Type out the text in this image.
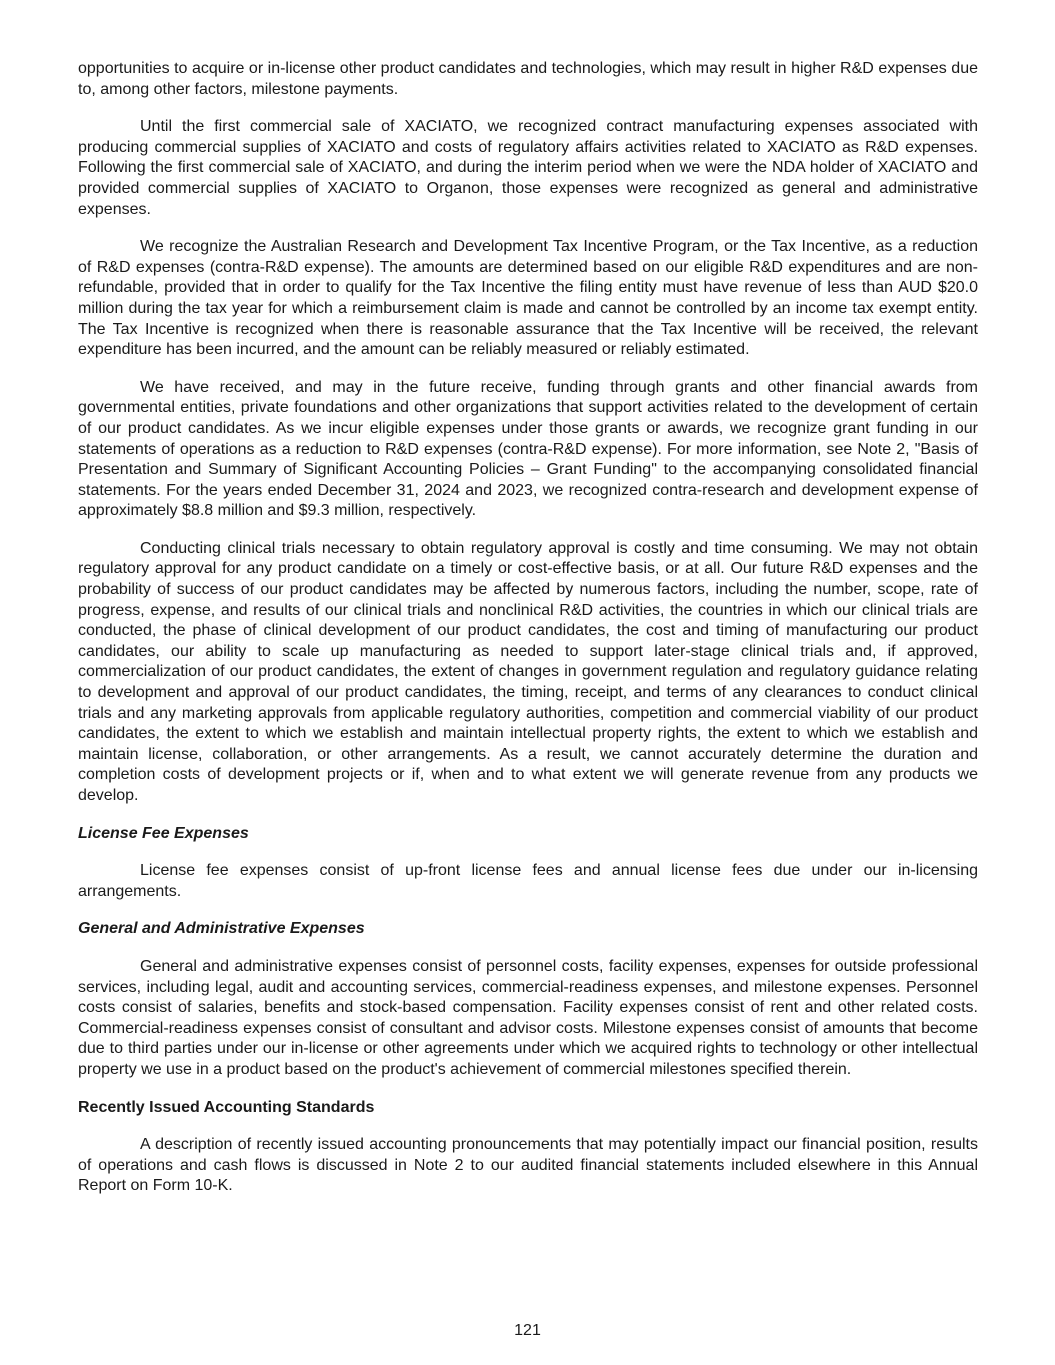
opportunities to acquire or in-license other product candidates and technologies, which may result in higher R&D expenses due to, among other factors, milestone payments.

Until the first commercial sale of XACIATO, we recognized contract manufacturing expenses associated with producing commercial supplies of XACIATO and costs of regulatory affairs activities related to XACIATO as R&D expenses. Following the first commercial sale of XACIATO, and during the interim period when we were the NDA holder of XACIATO and provided commercial supplies of XACIATO to Organon, those expenses were recognized as general and administrative expenses.

We recognize the Australian Research and Development Tax Incentive Program, or the Tax Incentive, as a reduction of R&D expenses (contra-R&D expense). The amounts are determined based on our eligible R&D expenditures and are non-refundable, provided that in order to qualify for the Tax Incentive the filing entity must have revenue of less than AUD $20.0 million during the tax year for which a reimbursement claim is made and cannot be controlled by an income tax exempt entity. The Tax Incentive is recognized when there is reasonable assurance that the Tax Incentive will be received, the relevant expenditure has been incurred, and the amount can be reliably measured or reliably estimated.

We have received, and may in the future receive, funding through grants and other financial awards from governmental entities, private foundations and other organizations that support activities related to the development of certain of our product candidates. As we incur eligible expenses under those grants or awards, we recognize grant funding in our statements of operations as a reduction to R&D expenses (contra-R&D expense). For more information, see Note 2, "Basis of Presentation and Summary of Significant Accounting Policies – Grant Funding" to the accompanying consolidated financial statements. For the years ended December 31, 2024 and 2023, we recognized contra-research and development expense of approximately $8.8 million and $9.3 million, respectively.

Conducting clinical trials necessary to obtain regulatory approval is costly and time consuming. We may not obtain regulatory approval for any product candidate on a timely or cost-effective basis, or at all. Our future R&D expenses and the probability of success of our product candidates may be affected by numerous factors, including the number, scope, rate of progress, expense, and results of our clinical trials and nonclinical R&D activities, the countries in which our clinical trials are conducted, the phase of clinical development of our product candidates, the cost and timing of manufacturing our product candidates, our ability to scale up manufacturing as needed to support later-stage clinical trials and, if approved, commercialization of our product candidates, the extent of changes in government regulation and regulatory guidance relating to development and approval of our product candidates, the timing, receipt, and terms of any clearances to conduct clinical trials and any marketing approvals from applicable regulatory authorities, competition and commercial viability of our product candidates, the extent to which we establish and maintain intellectual property rights, the extent to which we establish and maintain license, collaboration, or other arrangements. As a result, we cannot accurately determine the duration and completion costs of development projects or if, when and to what extent we will generate revenue from any products we develop.

License Fee Expenses

License fee expenses consist of up-front license fees and annual license fees due under our in-licensing arrangements.

General and Administrative Expenses

General and administrative expenses consist of personnel costs, facility expenses, expenses for outside professional services, including legal, audit and accounting services, commercial-readiness expenses, and milestone expenses. Personnel costs consist of salaries, benefits and stock-based compensation. Facility expenses consist of rent and other related costs. Commercial-readiness expenses consist of consultant and advisor costs. Milestone expenses consist of amounts that become due to third parties under our in-license or other agreements under which we acquired rights to technology or other intellectual property we use in a product based on the product's achievement of commercial milestones specified therein.

Recently Issued Accounting Standards

A description of recently issued accounting pronouncements that may potentially impact our financial position, results of operations and cash flows is discussed in Note 2 to our audited financial statements included elsewhere in this Annual Report on Form 10-K.

121
